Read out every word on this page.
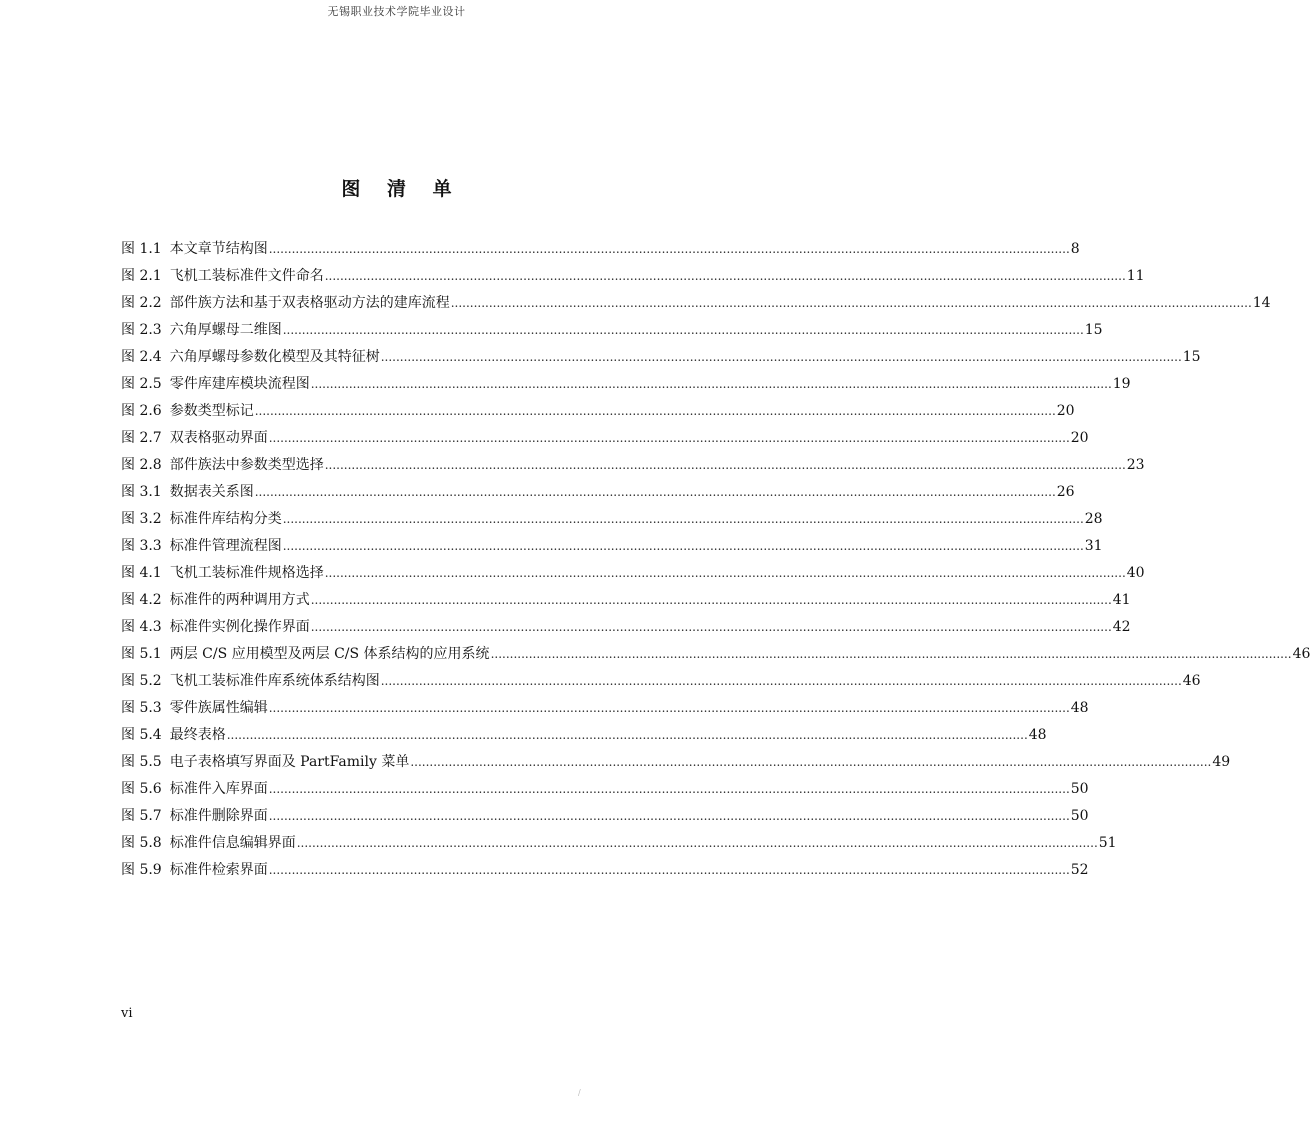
无锡职业技术学院毕业设计
图 清 单
图 1.1 本文章节结构图 .....	8
图 2.1 飞机工装标准件文件命名 .....	11
图 2.2 部件族方法和基于双表格驱动方法的建库流程 .....	14
图 2.3 六角厚螺母二维图 .....	15
图 2.4 六角厚螺母参数化模型及其特征树 .....	15
图 2.5 零件库建库模块流程图 .....	19
图 2.6 参数类型标记 .....	20
图 2.7 双表格驱动界面 .....	20
图 2.8 部件族法中参数类型选择 .....	23
图 3.1 数据表关系图 .....	26
图 3.2 标准件库结构分类 .....	28
图 3.3 标准件管理流程图 .....	31
图 4.1 飞机工装标准件规格选择 .....	40
图 4.2 标准件的两种调用方式 .....	41
图 4.3 标准件实例化操作界面 .....	42
图 5.1 两层 C/S 应用模型及两层 C/S 体系结构的应用系统 .....	46
图 5.2 飞机工装标准件库系统体系结构图 .....	46
图 5.3 零件族属性编辑 .....	48
图 5.4 最终表格 .....	48
图 5.5 电子表格填写界面及 PartFamily 菜单 .....	49
图 5.6 标准件入库界面 .....	50
图 5.7 标准件删除界面 .....	50
图 5.8 标准件信息编辑界面 .....	51
图 5.9 标准件检索界面 .....	52
vi
/
